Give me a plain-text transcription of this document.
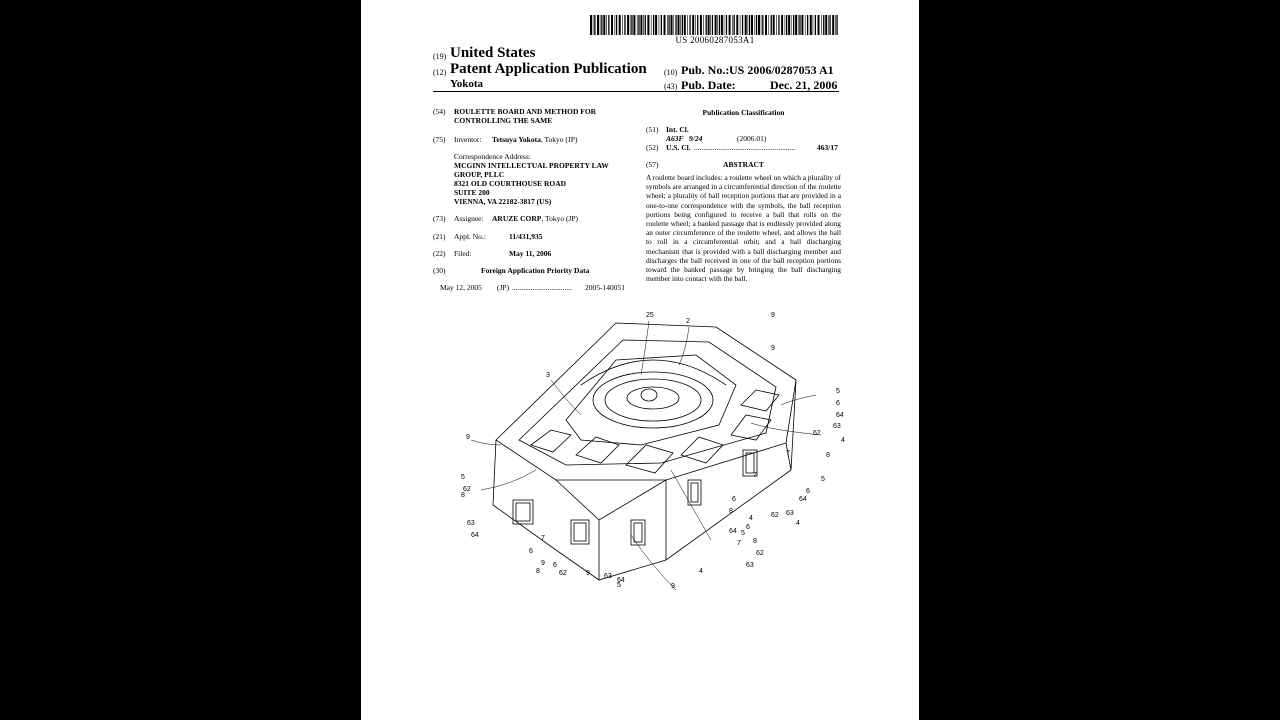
US 20060287053A1
(19) United States
(12) Patent Application Publication
Yokota
(10) Pub. No.: US 2006/0287053 A1
(43) Pub. Date:	Dec. 21, 2006
(54) ROULETTE BOARD AND METHOD FOR
CONTROLLING THE SAME
(75) Inventor: Tetsuya Yokota, Tokyo (JP)
Correspondence Address:
MCGINN INTELLECTUAL PROPERTY LAW
GROUP, PLLC
8321 OLD COURTHOUSE ROAD
SUITE 200
VIENNA, VA 22182-3817 (US)
(73) Assignee: ARUZE CORP, Tokyo (JP)
(21) Appl. No.:	11/431,935
(22) Filed:	May 11, 2006
(30)	Foreign Application Priority Data
May 12, 2005 (JP) ................................ 2005-140051
Publication Classification
(51) Int. Cl.
A63F   9/24	(2006.01)
(52) U.S. Cl. ......................................................	463/17
(57)	ABSTRACT
A roulette board includes: a roulette wheel on which a plurality of symbols are arranged in a circumferential direction of the roulette wheel; a plurality of ball reception portions that are provided in a one-to-one correspondence with the symbols, the ball reception portions being configured to receive a ball that rolls on the roulette wheel; a banked passage that is endlessly provided along an outer circumference of the roulette wheel, and allows the ball to roll in a circumferential orbit; and a ball discharging mechanism that is provided with a ball discharging member and discharges the ball received in one of the ball reception portions toward the banked passage by bringing the ball discharging member into contact with the ball.
25
2
9
9
3
5
6
64
63
62
4
9
7	8
5
6
64
62 63
4
7
5
8
62
63
64
7
6
4
8
5
62
63
64
6
7
9
8
6
62	9 63
64
5
4
8
6
9
